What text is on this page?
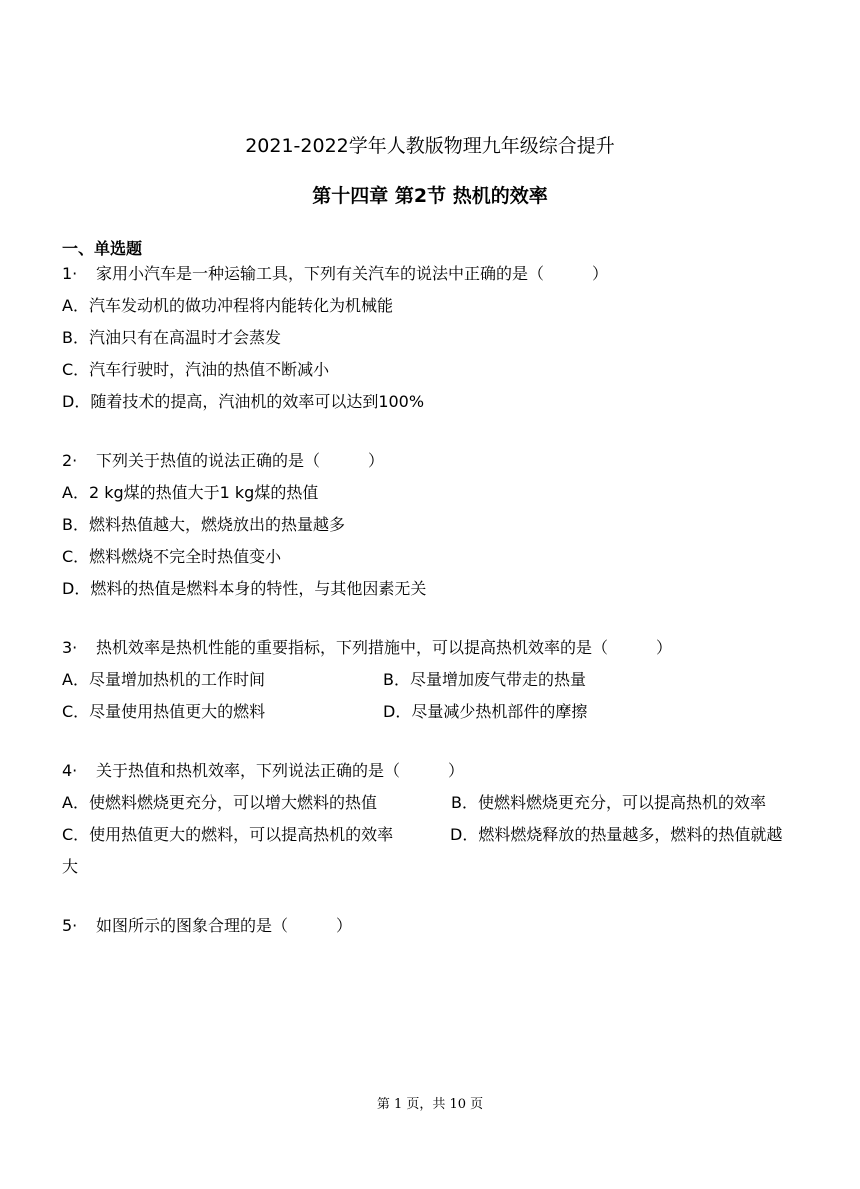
2021-2022学年人教版物理九年级综合提升
第十四章 第2节 热机的效率
一、单选题
1· 家用小汽车是一种运输工具，下列有关汽车的说法中正确的是（	）
A．汽车发动机的做功冲程将内能转化为机械能
B．汽油只有在高温时才会蒸发
C．汽车行驶时，汽油的热值不断减小
D．随着技术的提高，汽油机的效率可以达到100%
2· 下列关于热值的说法正确的是（	）
A．2 kg煤的热值大于1 kg煤的热值
B．燃料热值越大，燃烧放出的热量越多
C．燃料燃烧不完全时热值变小
D．燃料的热值是燃料本身的特性，与其他因素无关
3· 热机效率是热机性能的重要指标，下列措施中，可以提高热机效率的是（	）
A．尽量增加热机的工作时间	B．尽量增加废气带走的热量
C．尽量使用热值更大的燃料	D．尽量减少热机部件的摩擦
4· 关于热值和热机效率，下列说法正确的是（	）
A．使燃料燃烧更充分，可以增大燃料的热值	B．使燃料燃烧更充分，可以提高热机的效率
C．使用热值更大的燃料，可以提高热机的效率	D．燃料燃烧释放的热量越多，燃料的热值就越
大
5· 如图所示的图象合理的是（	）
第 1 页，共 10 页
